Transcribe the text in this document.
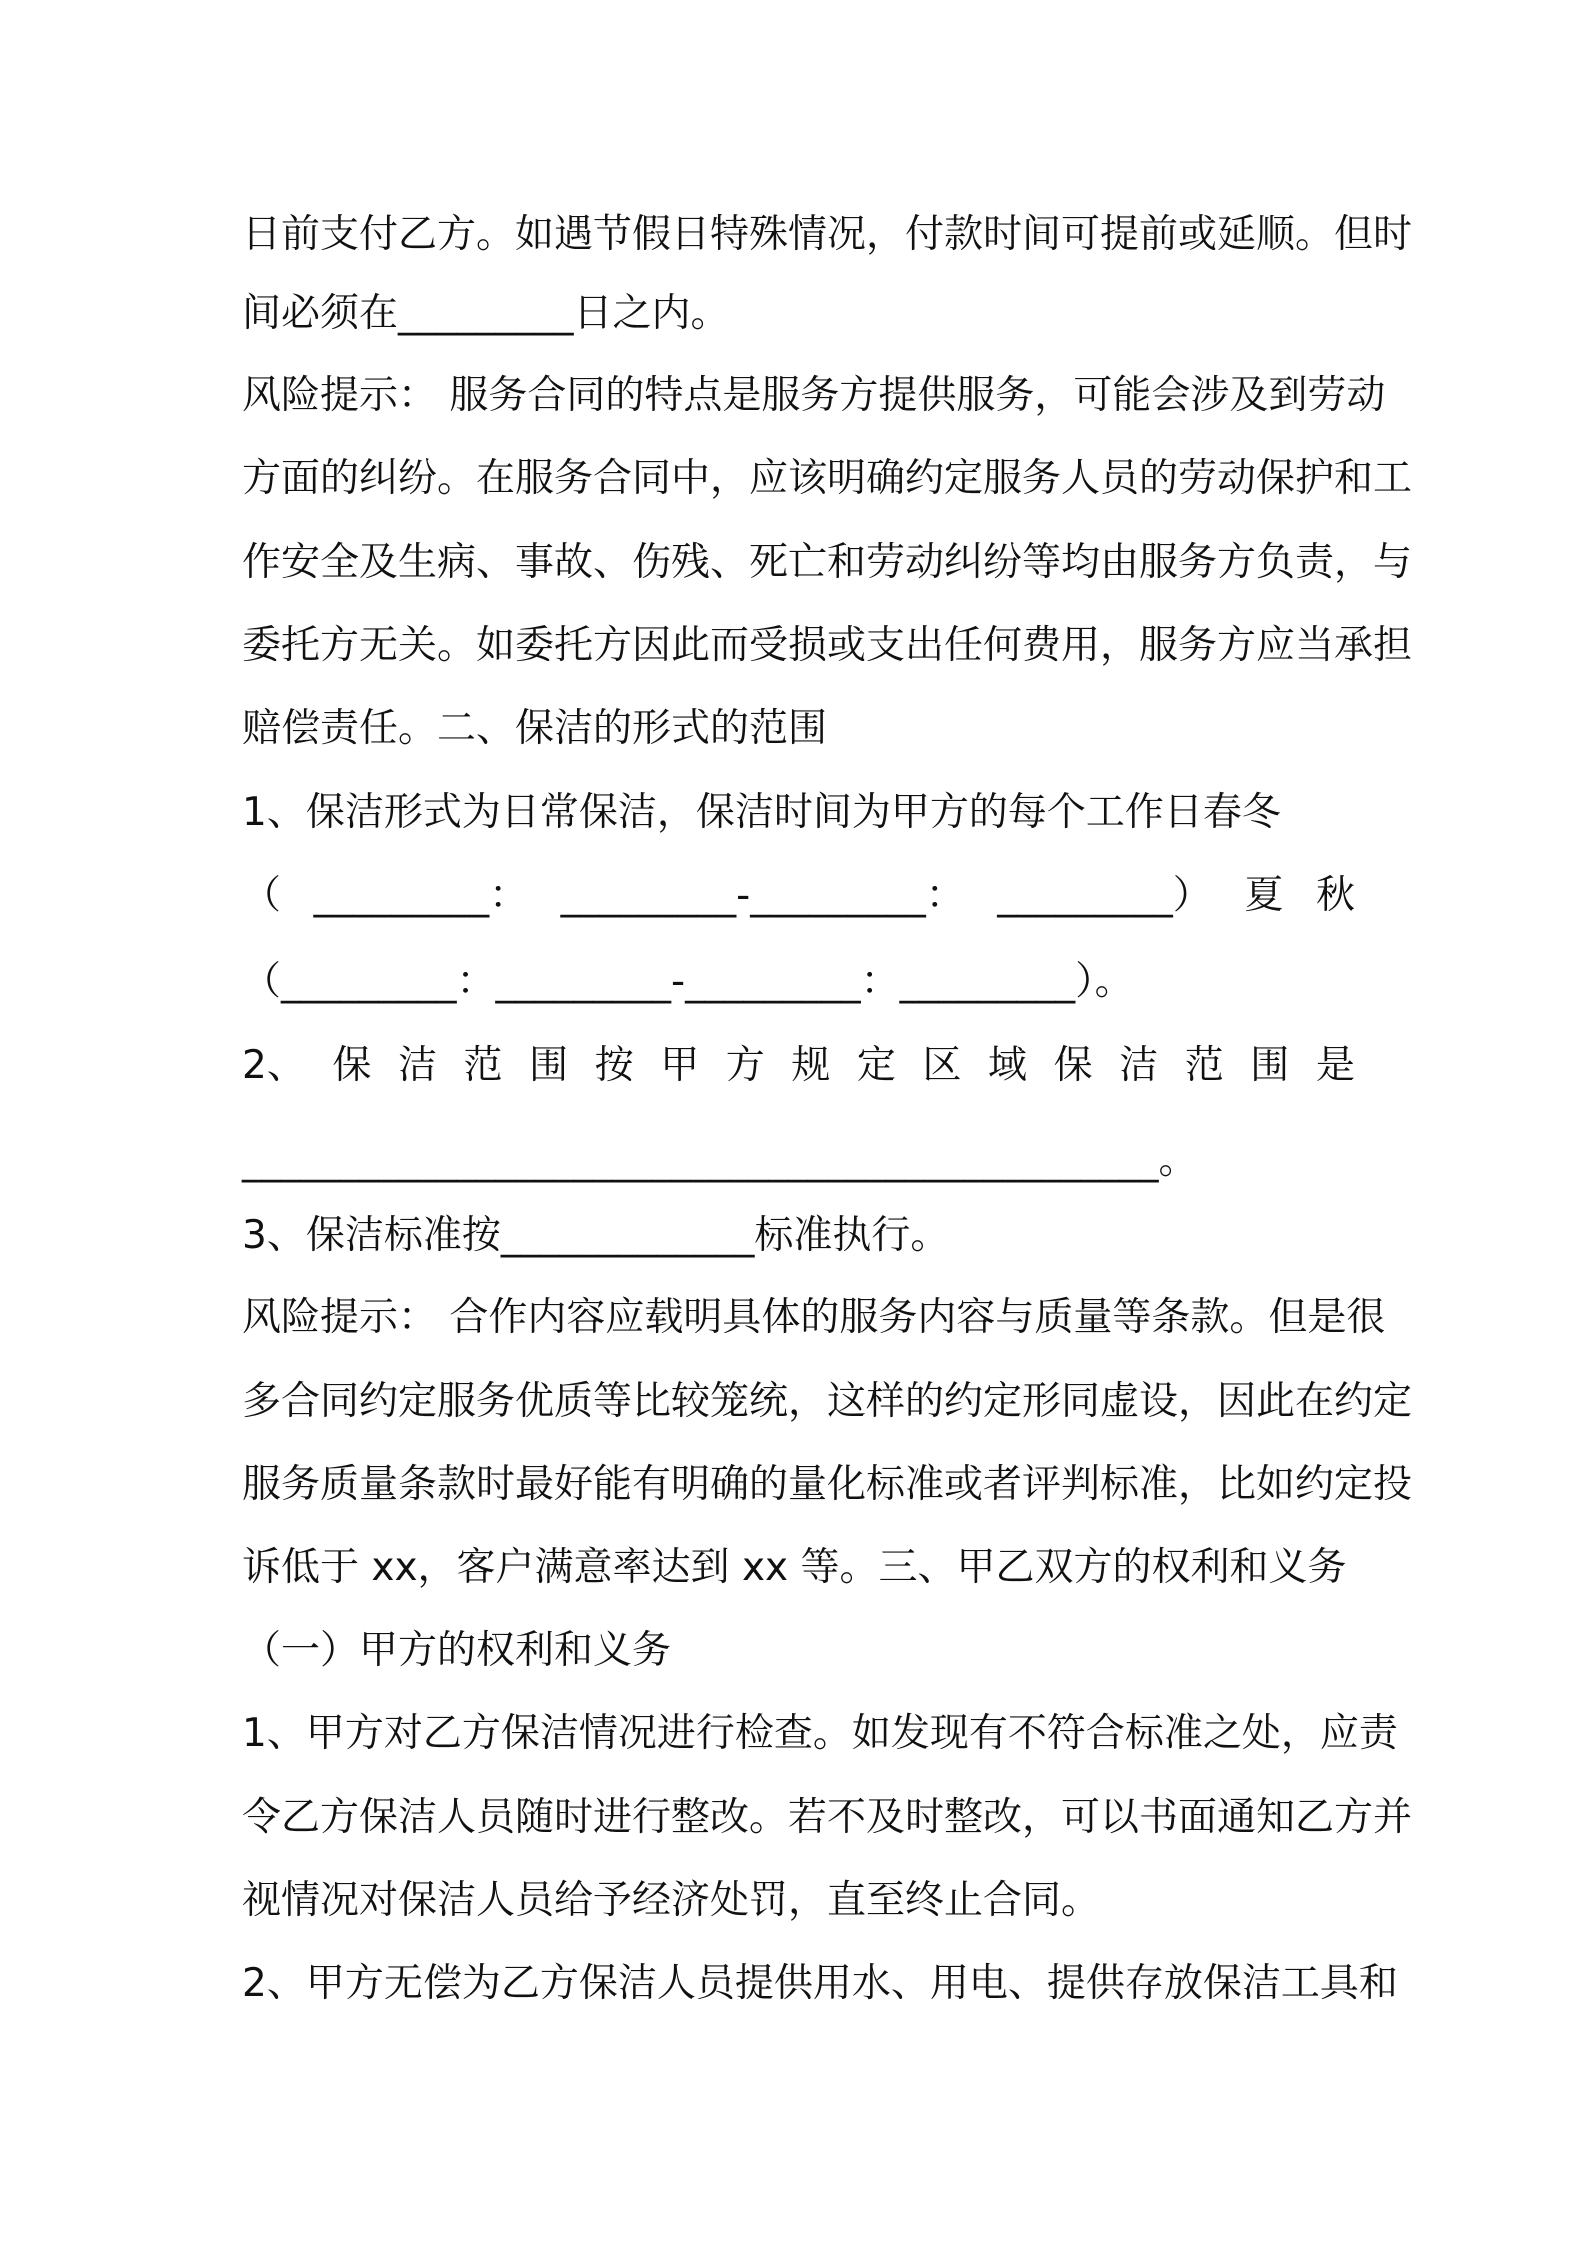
日前支付乙方。如遇节假日特殊情况，付款时间可提前或延顺。但时

间必须在_________日之内。

风险提示： 服务合同的特点是服务方提供服务，可能会涉及到劳动

方面的纠纷。在服务合同中，应该明确约定服务人员的劳动保护和工

作安全及生病、事故、伤残、死亡和劳动纠纷等均由服务方负责，与

委托方无关。如委托方因此而受损或支出任何费用，服务方应当承担

赔偿责任。二、保洁的形式的范围

1、保洁形式为日常保洁，保洁时间为甲方的每个工作日春冬

（ _________： _________-_________： _________） 夏 秋

（_________：_________-_________：_________）。

2、 保 洁 范 围 按 甲 方 规 定 区 域 保 洁 范 围 是

_______________________________________________。

3、保洁标准按_____________标准执行。

风险提示： 合作内容应载明具体的服务内容与质量等条款。但是很

多合同约定服务优质等比较笼统，这样的约定形同虚设，因此在约定

服务质量条款时最好能有明确的量化标准或者评判标准，比如约定投

诉低于 xx，客户满意率达到 xx 等。三、甲乙双方的权利和义务

（一）甲方的权利和义务

1、甲方对乙方保洁情况进行检查。如发现有不符合标准之处，应责

令乙方保洁人员随时进行整改。若不及时整改，可以书面通知乙方并

视情况对保洁人员给予经济处罚，直至终止合同。

2、甲方无偿为乙方保洁人员提供用水、用电、提供存放保洁工具和
